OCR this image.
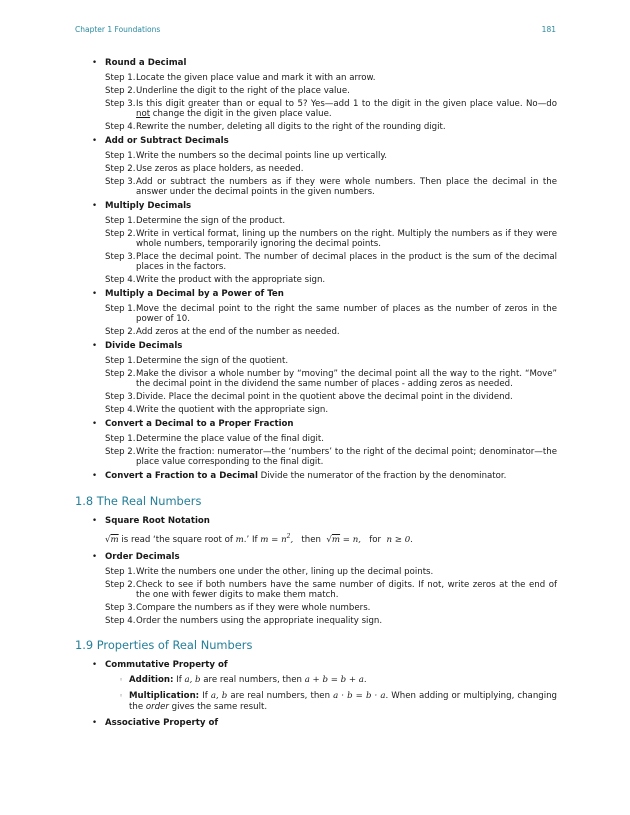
Chapter 1 Foundations	181
• Round a Decimal
Step 1. Locate the given place value and mark it with an arrow.
Step 2. Underline the digit to the right of the place value.
Step 3. Is this digit greater than or equal to 5? Yes—add 1 to the digit in the given place value. No—do not change the digit in the given place value.
Step 4. Rewrite the number, deleting all digits to the right of the rounding digit.
• Add or Subtract Decimals
Step 1. Write the numbers so the decimal points line up vertically.
Step 2. Use zeros as place holders, as needed.
Step 3. Add or subtract the numbers as if they were whole numbers. Then place the decimal in the answer under the decimal points in the given numbers.
• Multiply Decimals
Step 1. Determine the sign of the product.
Step 2. Write in vertical format, lining up the numbers on the right. Multiply the numbers as if they were whole numbers, temporarily ignoring the decimal points.
Step 3. Place the decimal point. The number of decimal places in the product is the sum of the decimal places in the factors.
Step 4. Write the product with the appropriate sign.
• Multiply a Decimal by a Power of Ten
Step 1. Move the decimal point to the right the same number of places as the number of zeros in the power of 10.
Step 2. Add zeros at the end of the number as needed.
• Divide Decimals
Step 1. Determine the sign of the quotient.
Step 2. Make the divisor a whole number by “moving” the decimal point all the way to the right. “Move” the decimal point in the dividend the same number of places - adding zeros as needed.
Step 3. Divide. Place the decimal point in the quotient above the decimal point in the dividend.
Step 4. Write the quotient with the appropriate sign.
• Convert a Decimal to a Proper Fraction
Step 1. Determine the place value of the final digit.
Step 2. Write the fraction: numerator—the ‘numbers’ to the right of the decimal point; denominator—the place value corresponding to the final digit.
• Convert a Fraction to a Decimal Divide the numerator of the fraction by the denominator.
1.8 The Real Numbers
• Square Root Notation
√m is read ‘the square root of m.’ If $m = n^2$, then √m = n, for n ≥ 0.
• Order Decimals
Step 1. Write the numbers one under the other, lining up the decimal points.
Step 2. Check to see if both numbers have the same number of digits. If not, write zeros at the end of the one with fewer digits to make them match.
Step 3. Compare the numbers as if they were whole numbers.
Step 4. Order the numbers using the appropriate inequality sign.
1.9 Properties of Real Numbers
• Commutative Property of
◦ Addition: If a, b are real numbers, then a + b = b + a.
◦ Multiplication: If a, b are real numbers, then a · b = b · a. When adding or multiplying, changing the order gives the same result.
• Associative Property of
